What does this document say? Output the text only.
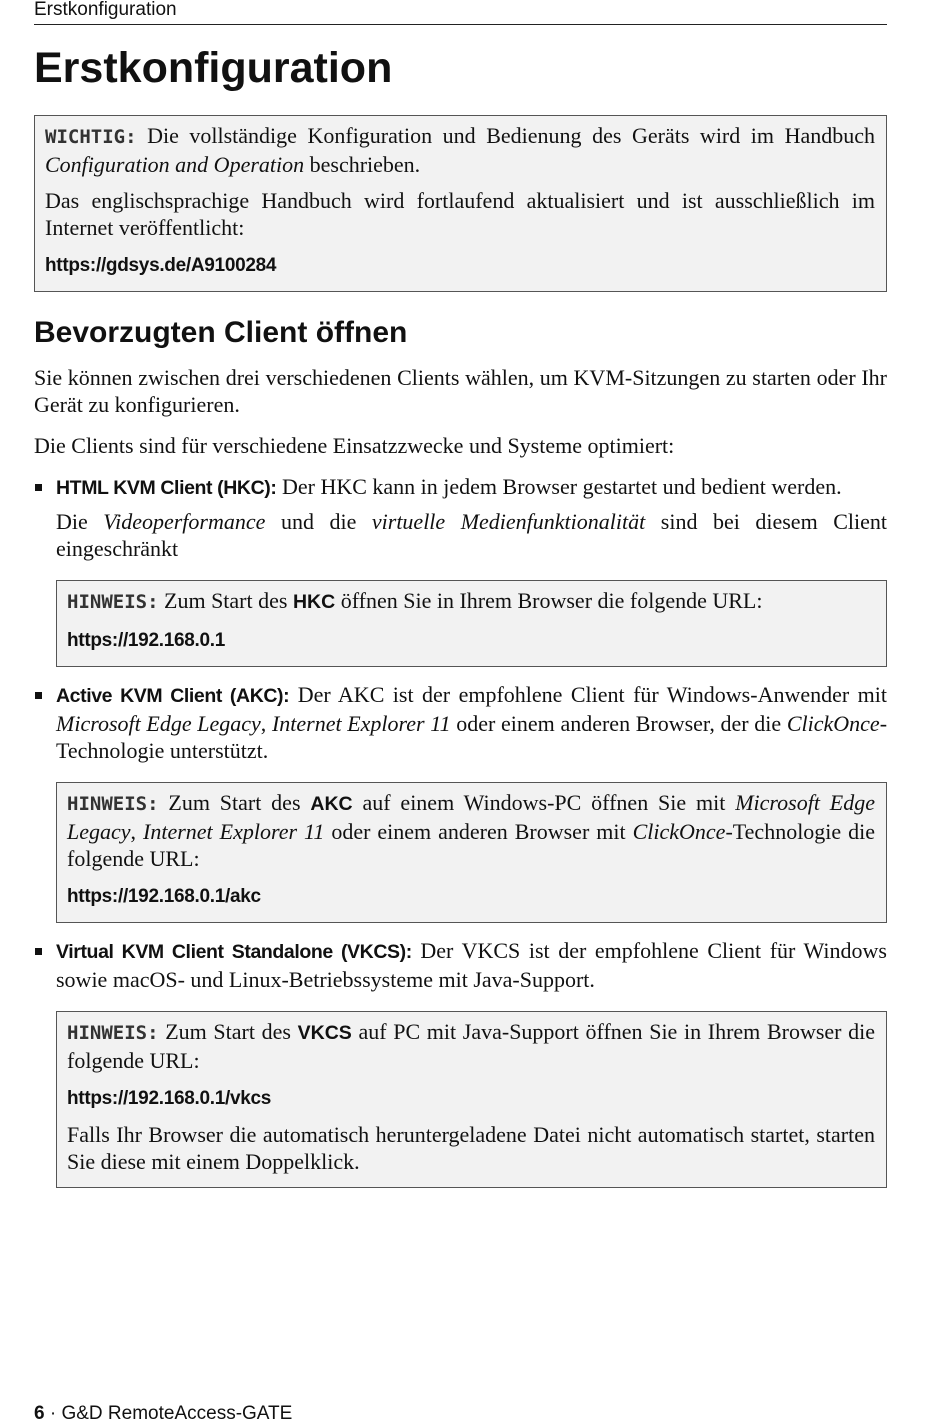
Erstkonfiguration
Erstkonfiguration

WICHTIG: Die vollständige Konfiguration und Bedienung des Geräts wird im Handbuch Configuration and Operation beschrieben.

Das englischsprachige Handbuch wird fortlaufend aktualisiert und ist ausschließlich im Internet veröffentlicht:

https://gdsys.de/A9100284

Bevorzugten Client öffnen

Sie können zwischen drei verschiedenen Clients wählen, um KVM-Sitzungen zu starten oder Ihr Gerät zu konfigurieren.

Die Clients sind für verschiedene Einsatzzwecke und Systeme optimiert:

HTML KVM Client (HKC): Der HKC kann in jedem Browser gestartet und bedient werden.

Die Videoperformance und die virtuelle Medienfunktionalität sind bei diesem Client eingeschränkt

HINWEIS: Zum Start des HKC öffnen Sie in Ihrem Browser die folgende URL:

https://192.168.0.1

Active KVM Client (AKC): Der AKC ist der empfohlene Client für Windows-Anwender mit Microsoft Edge Legacy, Internet Explorer 11 oder einem anderen Browser, der die ClickOnce-Technologie unterstützt.

HINWEIS: Zum Start des AKC auf einem Windows-PC öffnen Sie mit Microsoft Edge Legacy, Internet Explorer 11 oder einem anderen Browser mit ClickOnce-Technologie die folgende URL:

https://192.168.0.1/akc

Virtual KVM Client Standalone (VKCS): Der VKCS ist der empfohlene Client für Windows sowie macOS- und Linux-Betriebssysteme mit Java-Support.

HINWEIS: Zum Start des VKCS auf PC mit Java-Support öffnen Sie in Ihrem Browser die folgende URL:

https://192.168.0.1/vkcs

Falls Ihr Browser die automatisch heruntergeladene Datei nicht automatisch startet, starten Sie diese mit einem Doppelklick.

6 · G&D RemoteAccess-GATE
